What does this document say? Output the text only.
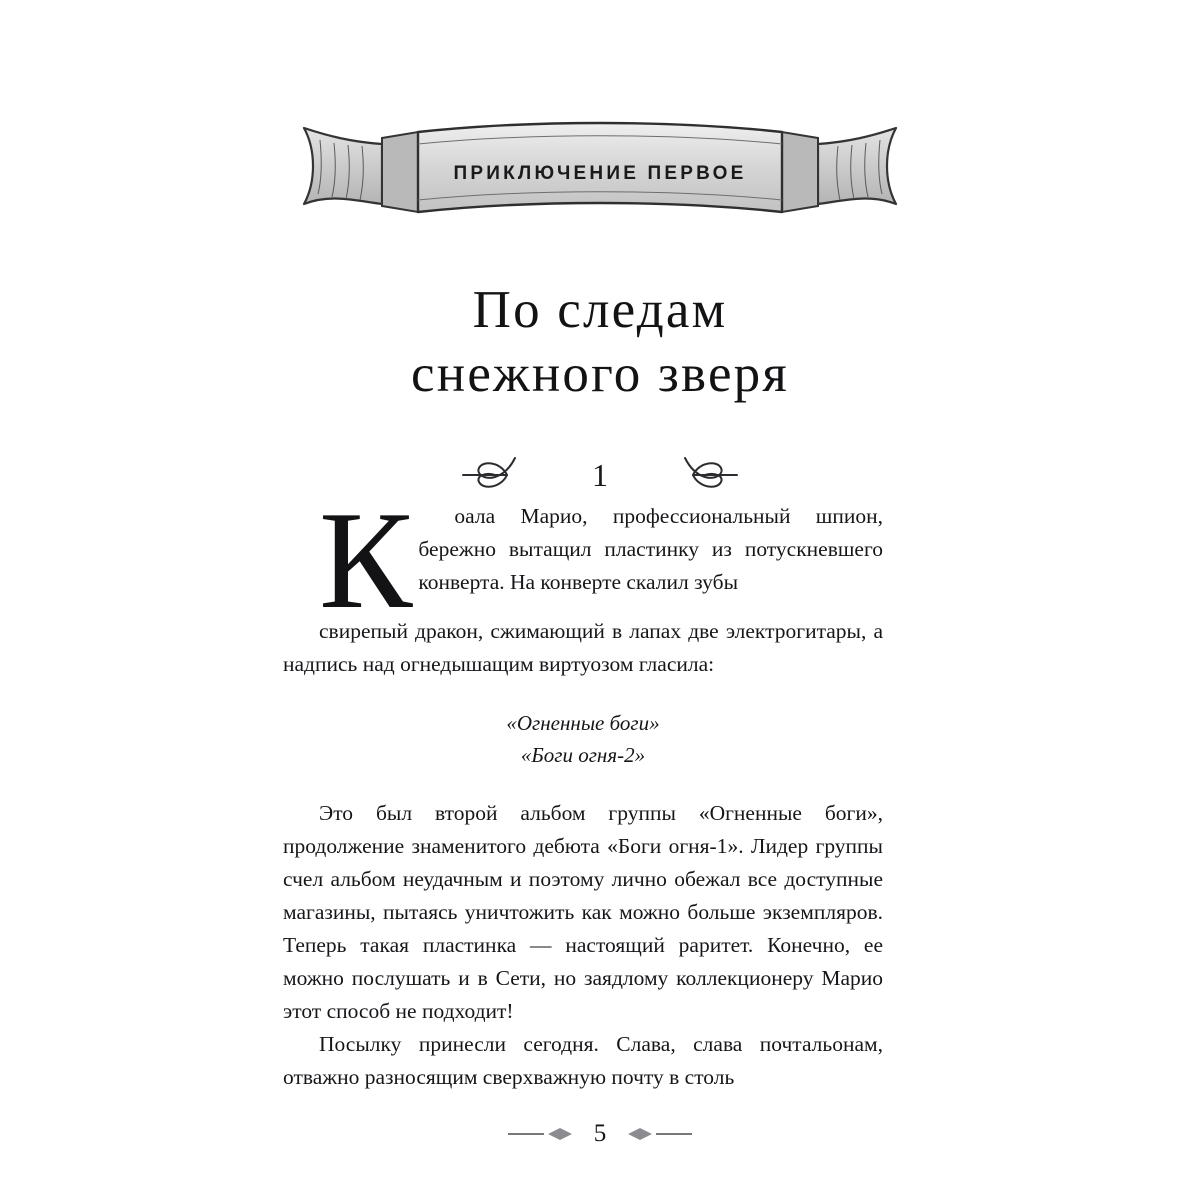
ПРИКЛЮЧЕНИЕ ПЕРВОЕ
По следам
снежного зверя
1

К	оала Марио, профессиональный шпион, бережно вытащил пластинку из потускневшего конверта. На конверте скалил зубы
свирепый дракон, сжимающий в лапах две электрогитары, а надпись над огнедышащим виртуозом гласила:

«Огненные боги»
«Боги огня-2»

Это был второй альбом группы «Огненные боги», продолжение знаменитого дебюта «Боги огня-1». Лидер группы счел альбом неудачным и поэтому лично обежал все доступные магазины, пытаясь уничтожить как можно больше экземпляров. Теперь такая пластинка — настоящий раритет. Конечно, ее можно послушать и в Сети, но заядлому коллекционеру Марио этот способ не подходит!

Посылку принесли сегодня. Слава, слава почтальонам, отважно разносящим сверхважную почту в столь

5
